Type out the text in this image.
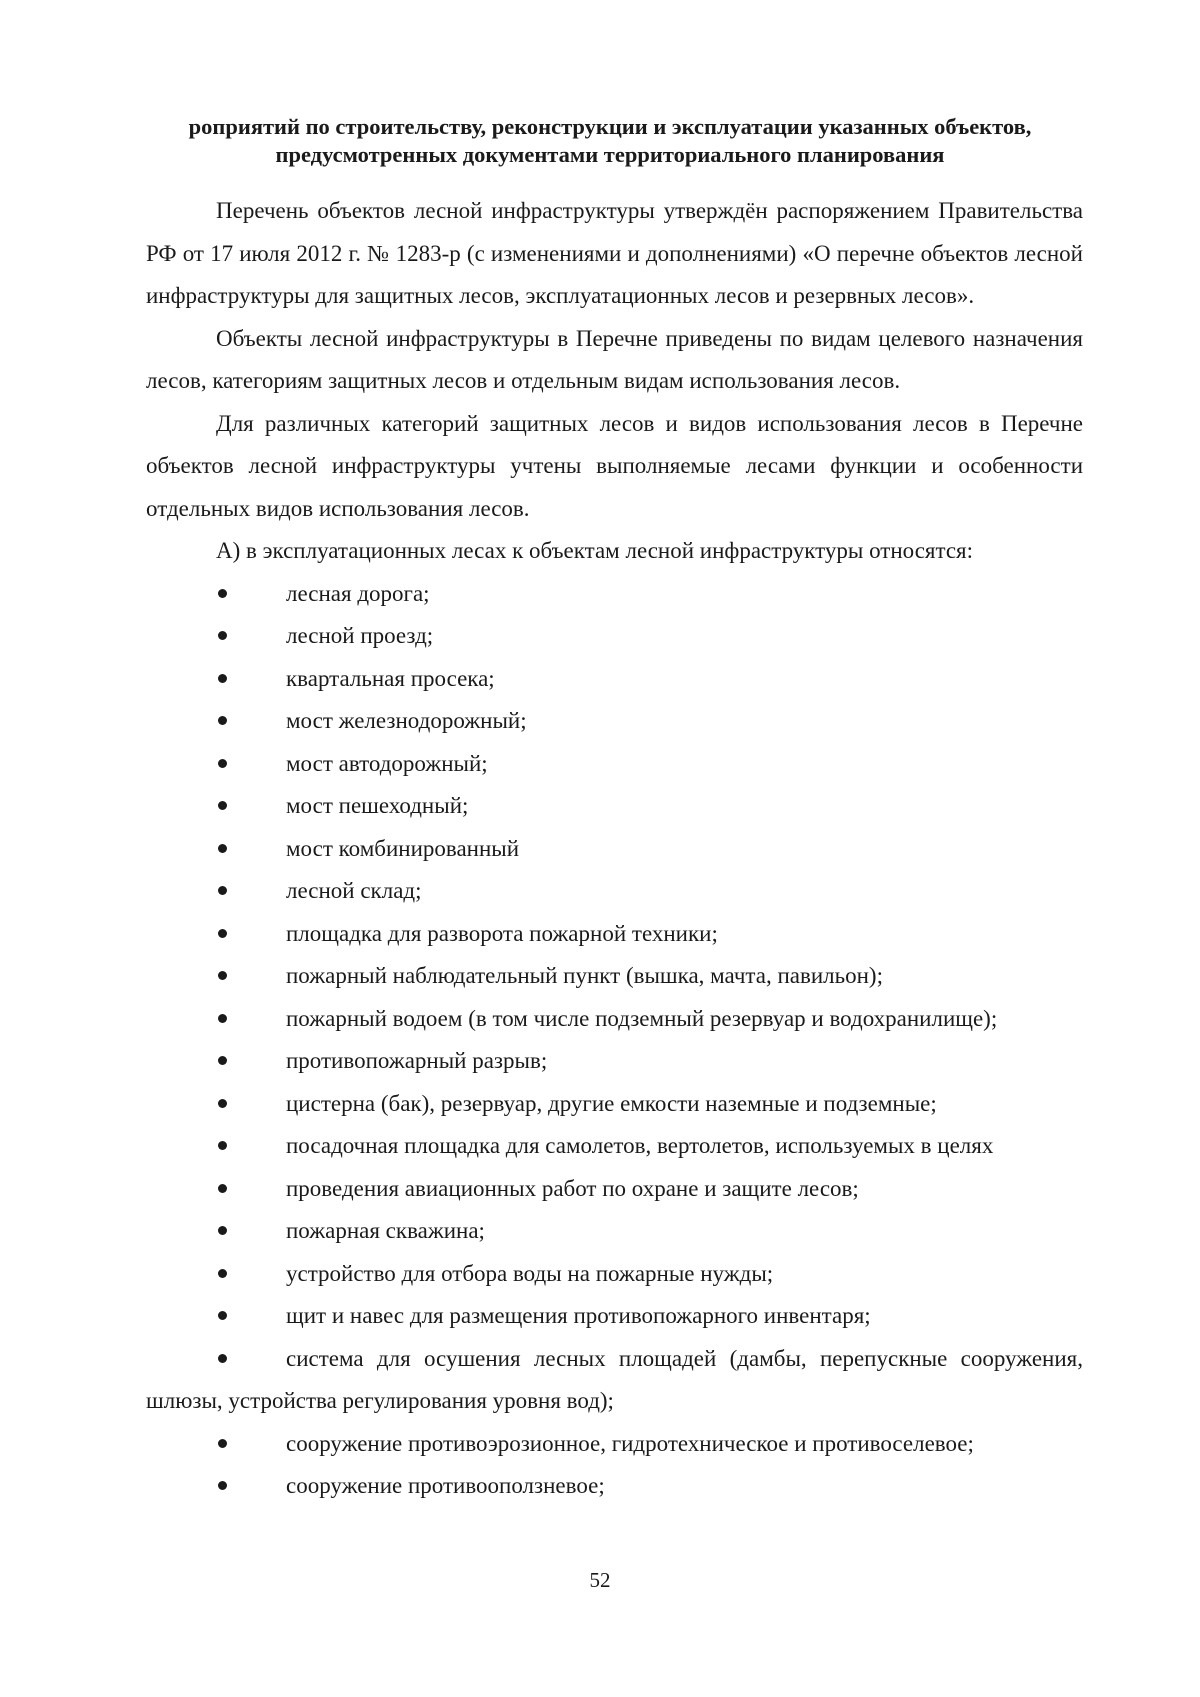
роприятий по строительству, реконструкции и эксплуатации указанных объектов,
предусмотренных документами территориального планирования

Перечень объектов лесной инфраструктуры утверждён распоряжением Правительства РФ от 17 июля 2012 г. № 1283-р (с изменениями и дополнениями) «О перечне объектов лесной инфраструктуры для защитных лесов, эксплуатационных лесов и резервных лесов».

Объекты лесной инфраструктуры в Перечне приведены по видам целевого назначения лесов, категориям защитных лесов и отдельным видам использования лесов.

Для различных категорий защитных лесов и видов использования лесов в Перечне объектов лесной инфраструктуры учтены выполняемые лесами функции и особенности отдельных видов использования лесов.

А) в эксплуатационных лесах к объектам лесной инфраструктуры относятся:

лесная дорога;
лесной проезд;
квартальная просека;
мост железнодорожный;
мост автодорожный;
мост пешеходный;
мост комбинированный
лесной склад;
площадка для разворота пожарной техники;
пожарный наблюдательный пункт (вышка, мачта, павильон);
пожарный водоем (в том числе подземный резервуар и водохранилище);
противопожарный разрыв;
цистерна (бак), резервуар, другие емкости наземные и подземные;
посадочная площадка для самолетов, вертолетов, используемых в целях
проведения авиационных работ по охране и защите лесов;
пожарная скважина;
устройство для отбора воды на пожарные нужды;
щит и навес для размещения противопожарного инвентаря;
система для осушения лесных площадей (дамбы, перепускные сооружения, шлюзы, устройства регулирования уровня вод);
сооружение противоэрозионное, гидротехническое и противоселевое;
сооружение противооползневое;
52
